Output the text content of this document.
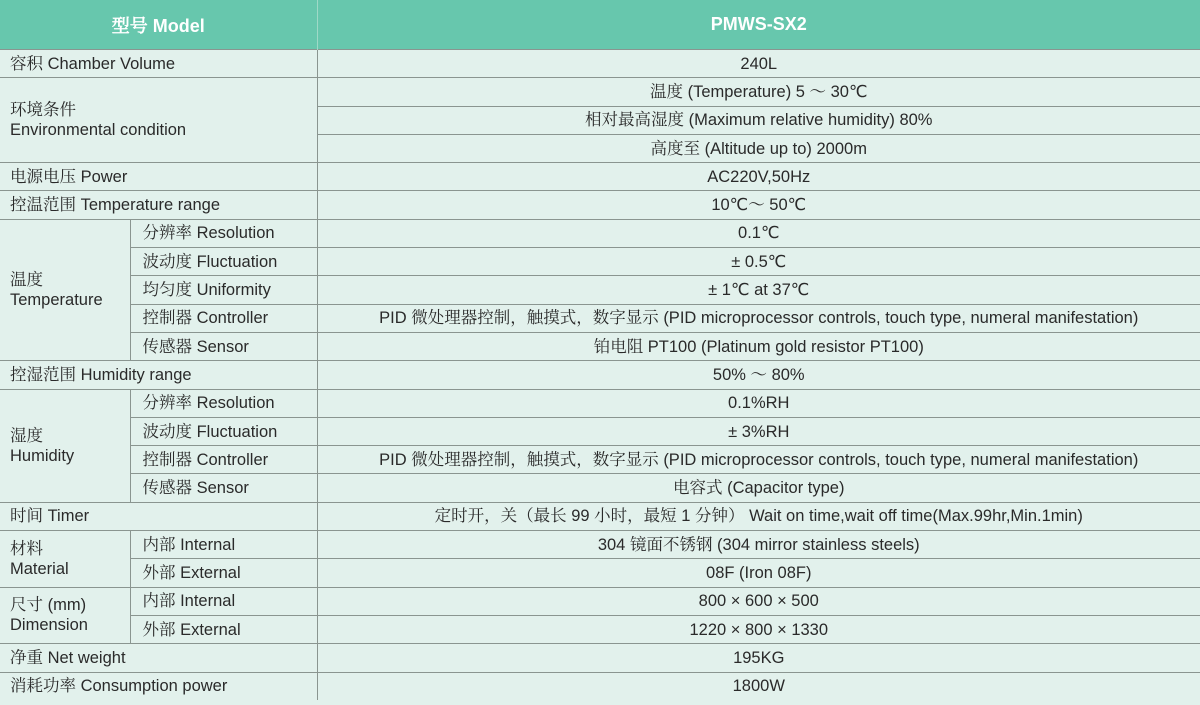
型号 Model		PMWS-SX2
容积 Chamber Volume		240L

环境条件
Environmental condition		温度 (Temperature) 5 ～ 30℃
		相对最高湿度 (Maximum relative humidity) 80%
		高度至 (Altitude up to) 2000m
电源电压 Power		AC220V,50Hz
控温范围 Temperature range		10℃～ 50℃

温度
Temperature	分辨率 Resolution	0.1℃
	波动度 Fluctuation	± 0.5℃
	均匀度 Uniformity	± 1℃ at 37℃
	控制器 Controller	PID 微处理器控制，触摸式，数字显示 (PID microprocessor controls, touch type, numeral manifestation)
	传感器 Sensor	铂电阻 PT100 (Platinum gold resistor PT100)
控湿范围 Humidity range		50% ～ 80%

湿度
Humidity	分辨率 Resolution	0.1%RH
	波动度 Fluctuation	± 3%RH
	控制器 Controller	PID 微处理器控制，触摸式，数字显示 (PID microprocessor controls, touch type, numeral manifestation)
	传感器 Sensor	电容式 (Capacitor type)
时间 Timer		定时开，关（最长 99 小时，最短 1 分钟） Wait on time,wait off time(Max.99hr,Min.1min)

材料
Material	内部 Internal	304 镜面不锈钢 (304 mirror stainless steels)
	外部 External	08F (Iron 08F)

尺寸 (mm)
Dimension	内部 Internal	800 × 600 × 500
	外部 External	1220 × 800 × 1330
净重 Net weight		195KG
消耗功率 Consumption power		1800W
